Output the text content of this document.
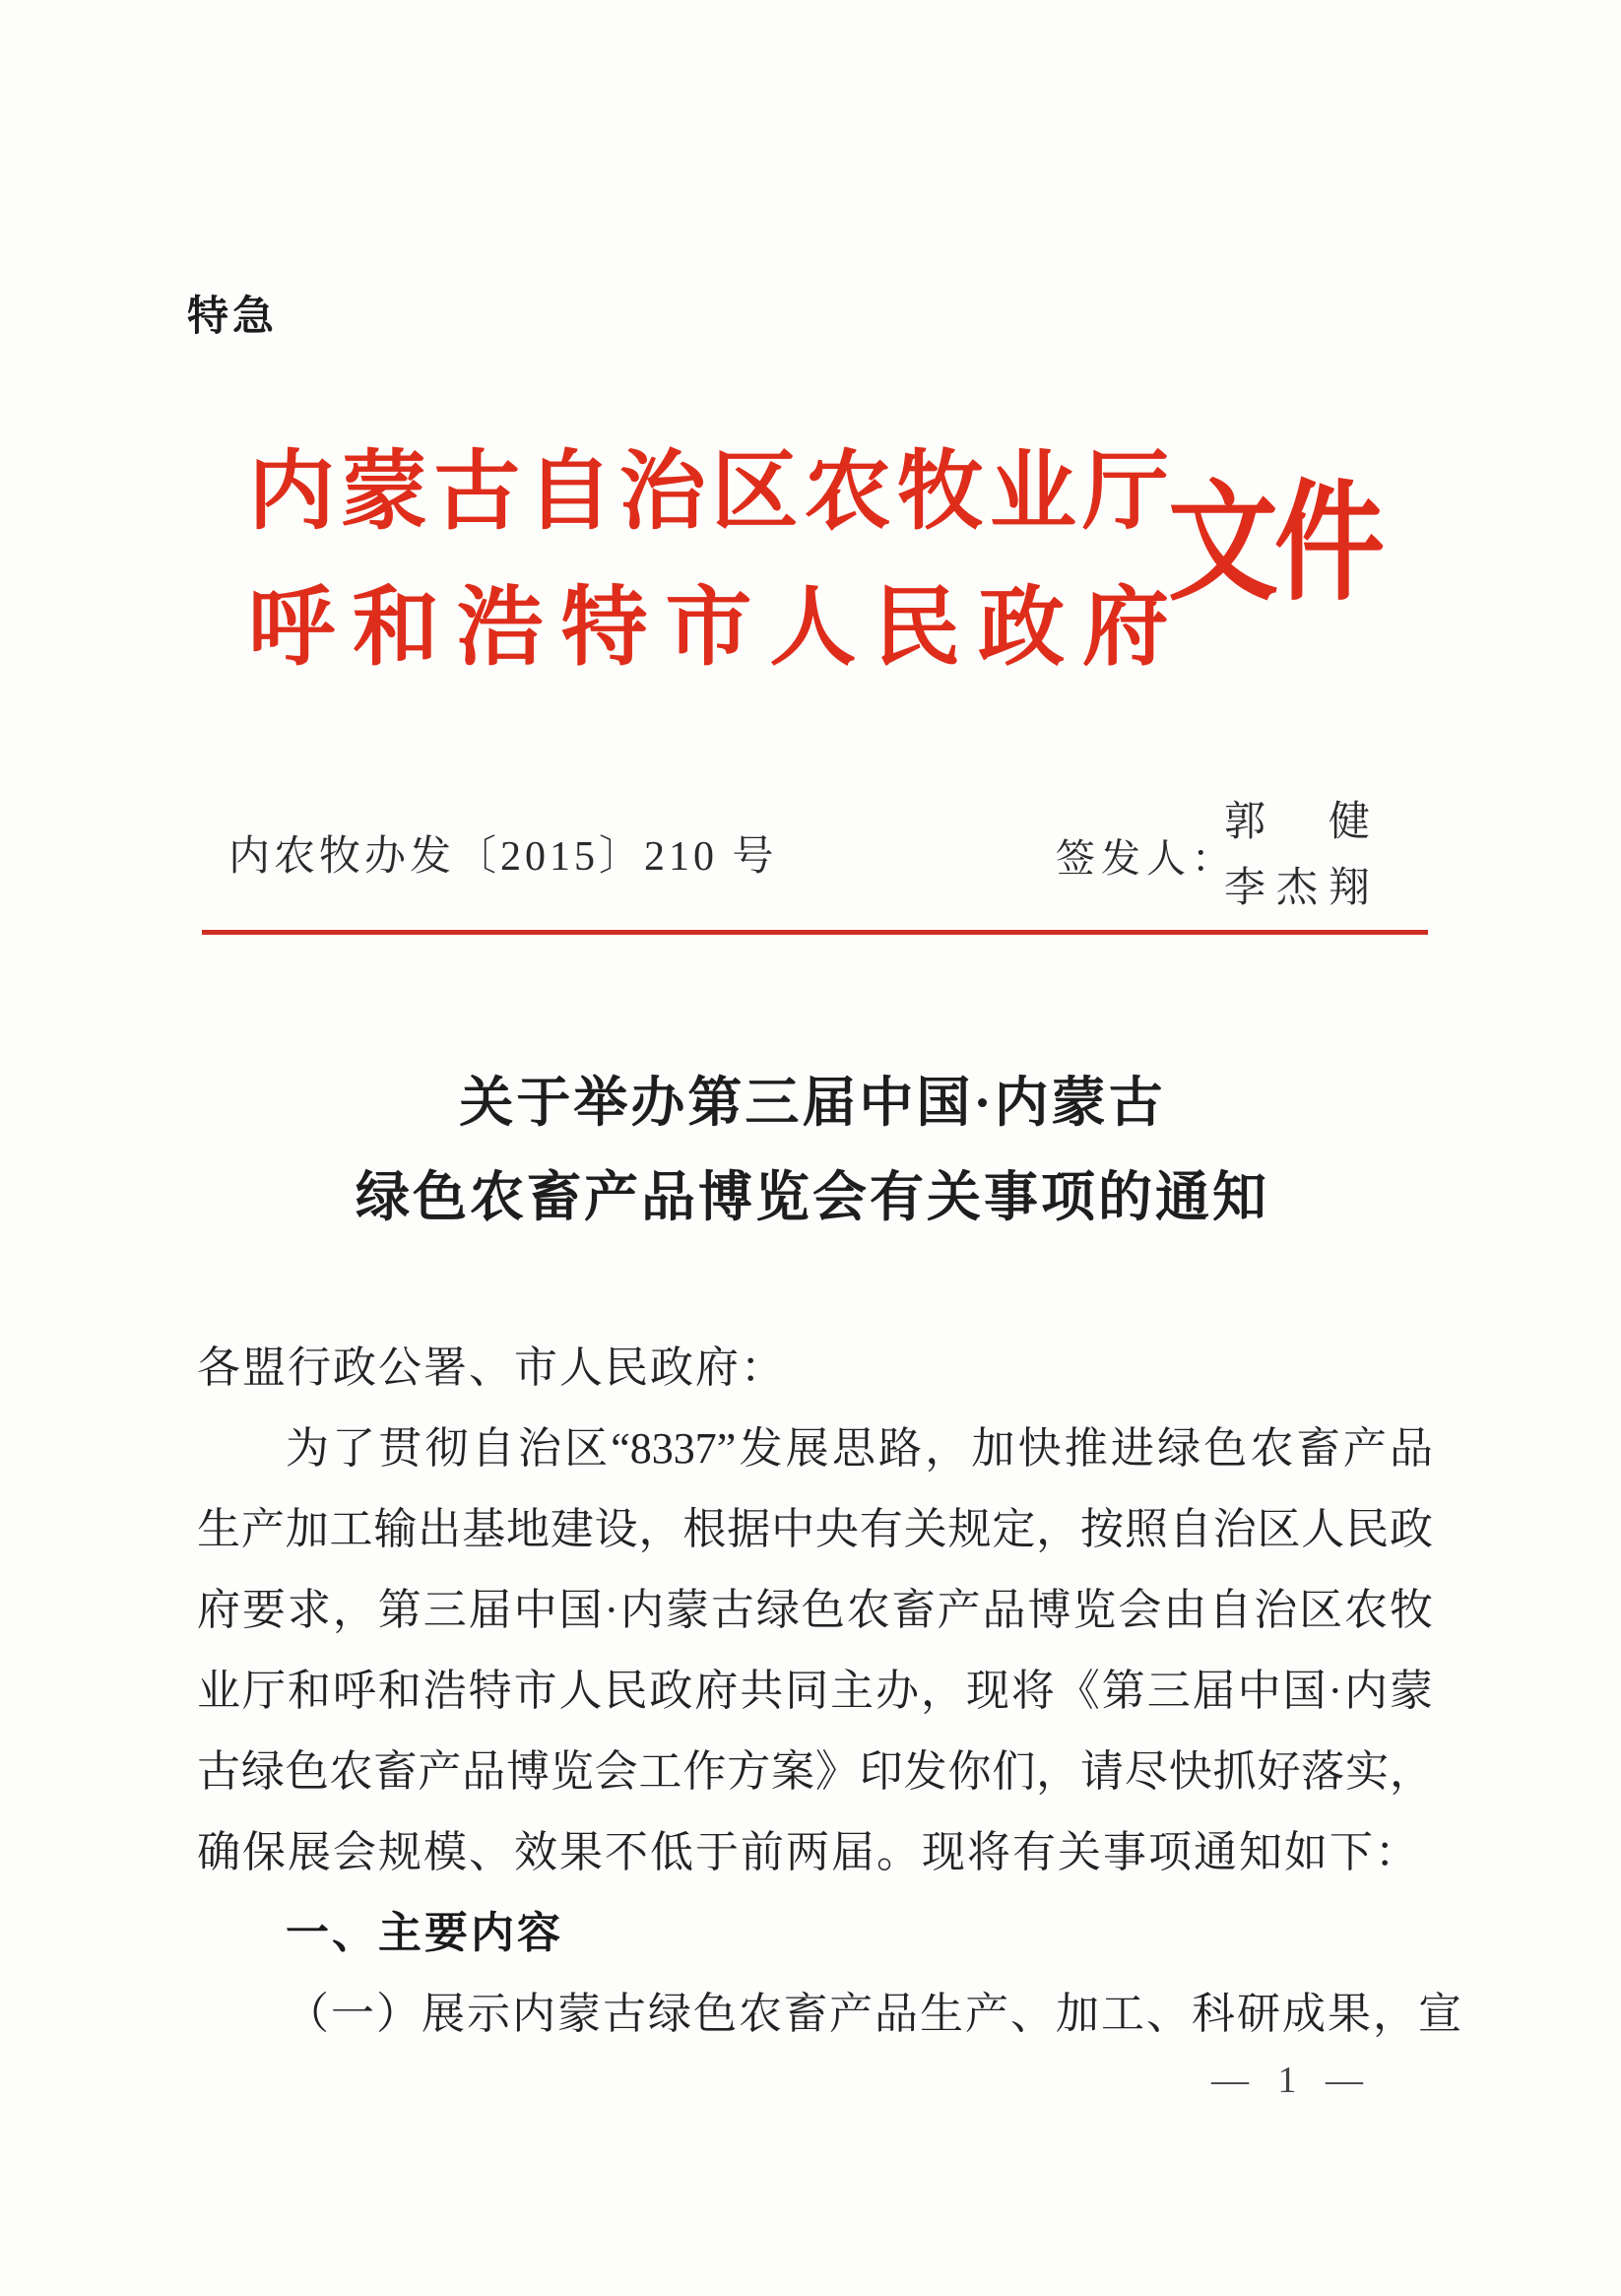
特急
内蒙古自治区农牧业厅
呼和浩特市人民政府
文件
内农牧办发〔2015〕210 号	签发人：
郭　健
李杰翔
关于举办第三届中国·内蒙古
绿色农畜产品博览会有关事项的通知
各盟行政公署、市人民政府：
为了贯彻自治区“8337”发展思路，加快推进绿色农畜产品
生产加工输出基地建设，根据中央有关规定，按照自治区人民政
府要求，第三届中国·内蒙古绿色农畜产品博览会由自治区农牧
业厅和呼和浩特市人民政府共同主办，现将《第三届中国·内蒙
古绿色农畜产品博览会工作方案》印发你们，请尽快抓好落实，
确保展会规模、效果不低于前两届。现将有关事项通知如下：
一、主要内容
（一）展示内蒙古绿色农畜产品生产、加工、科研成果，宣
— 1 —
